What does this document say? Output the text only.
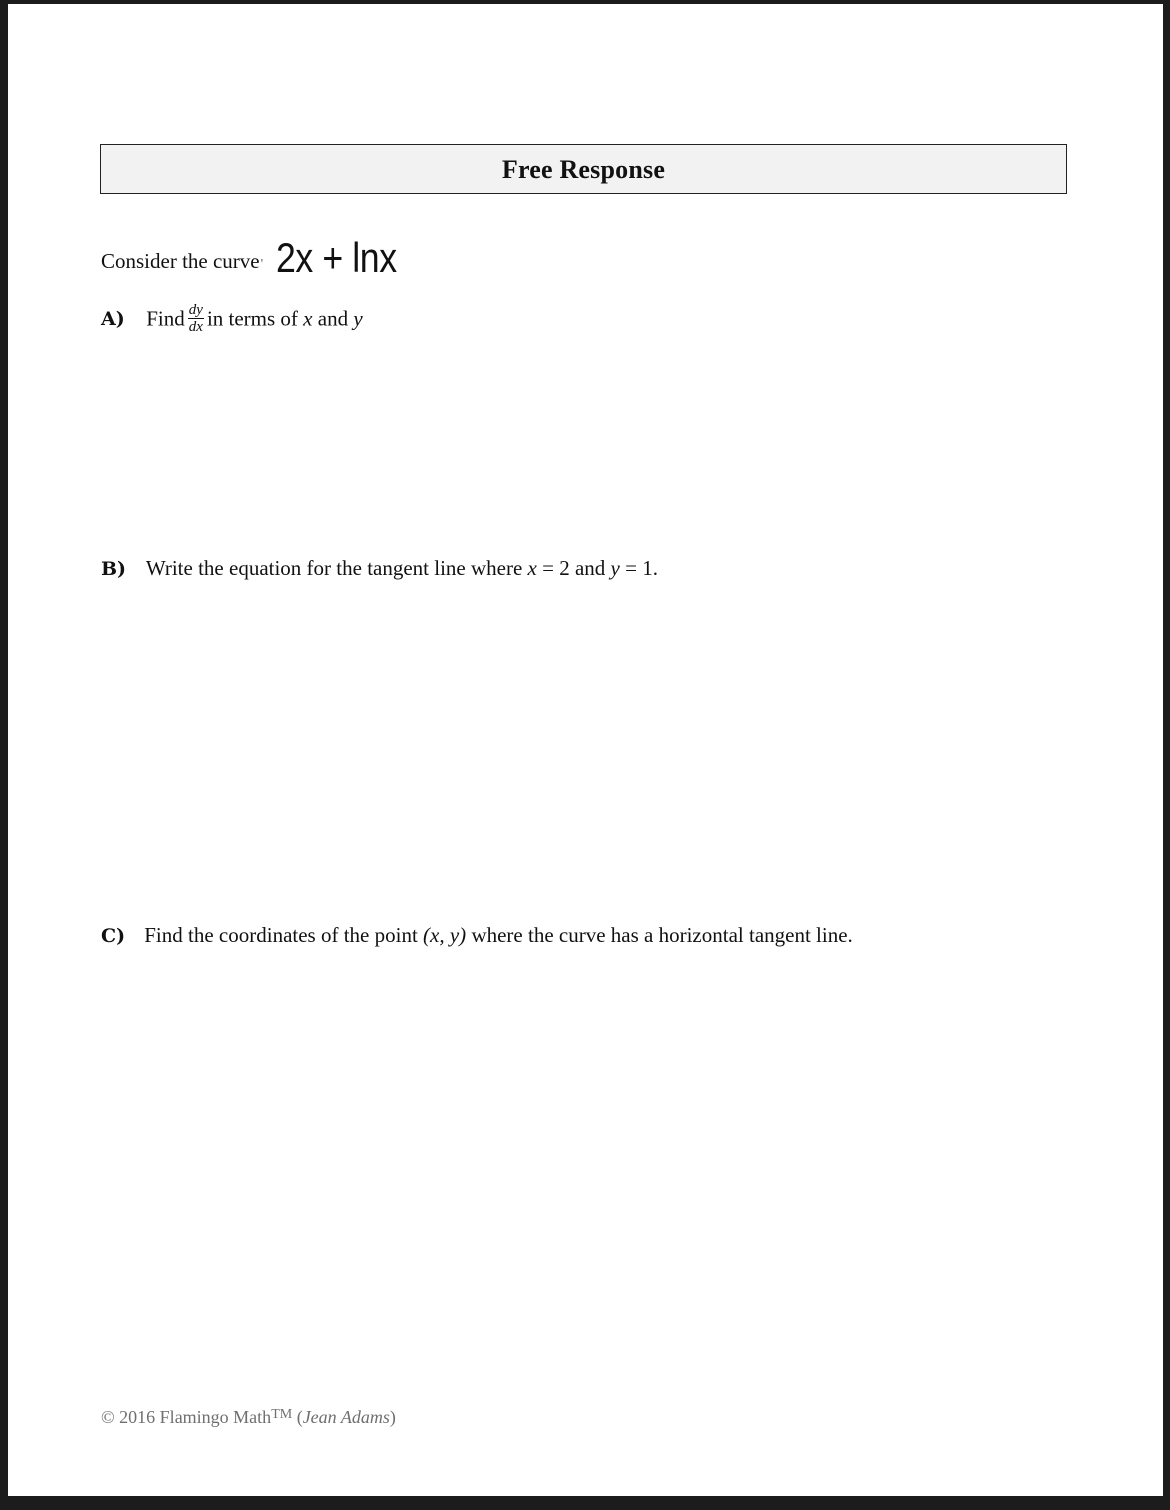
Free Response
Consider the curve' 2x + lnx
A) Find $\frac{dy}{dx}$ in terms of x and y
B) Write the equation for the tangent line where x = 2 and y = 1.
C) Find the coordinates of the point (x, y) where the curve has a horizontal tangent line.
© 2016 Flamingo Math™ (Jean Adams)
